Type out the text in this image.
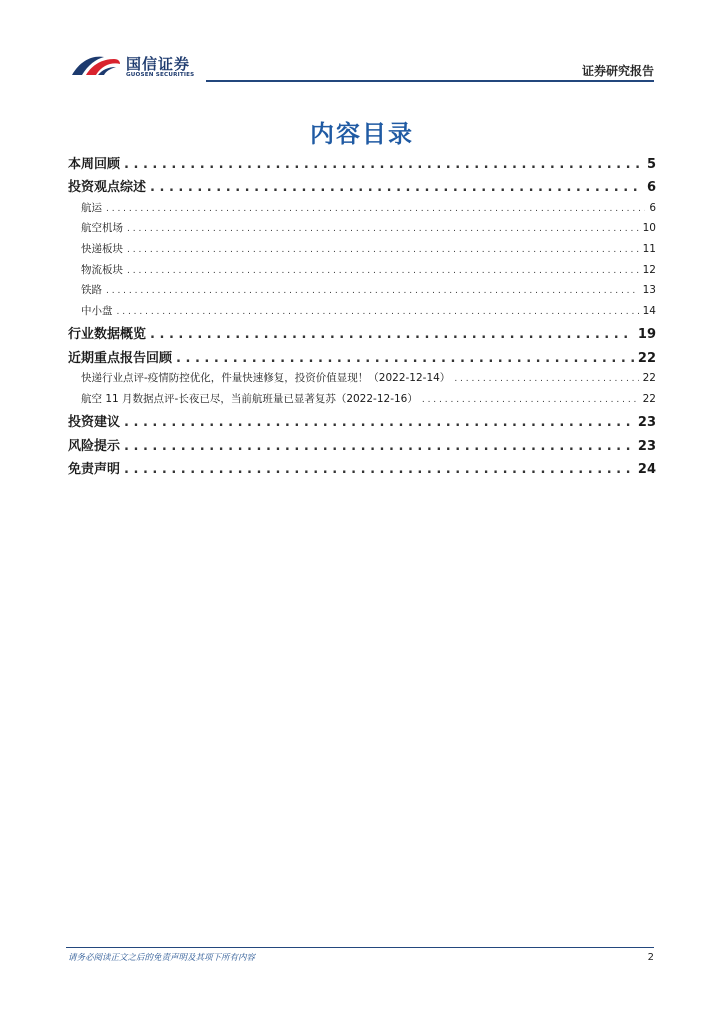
国信证券
GUOSEN SECURITIES	证券研究报告
内容目录
本周回顾 . . .	5
投资观点综述 . . .	6
航运 . . .	6
航空机场 . . .	10
快递板块 . . .	11
物流板块 . . .	12
铁路 . . .	13
中小盘 . . .	14
行业数据概览 . . .	19
近期重点报告回顾 . . .	22
快递行业点评-疫情防控优化，件量快速修复，投资价值显现！（2022-12-14） . . .	22
航空 11 月数据点评-长夜已尽，当前航班量已显著复苏（2022-12-16） . . .	22
投资建议 . . .	23
风险提示 . . .	23
免责声明 . . .	24
请务必阅读正文之后的免责声明及其项下所有内容	2
